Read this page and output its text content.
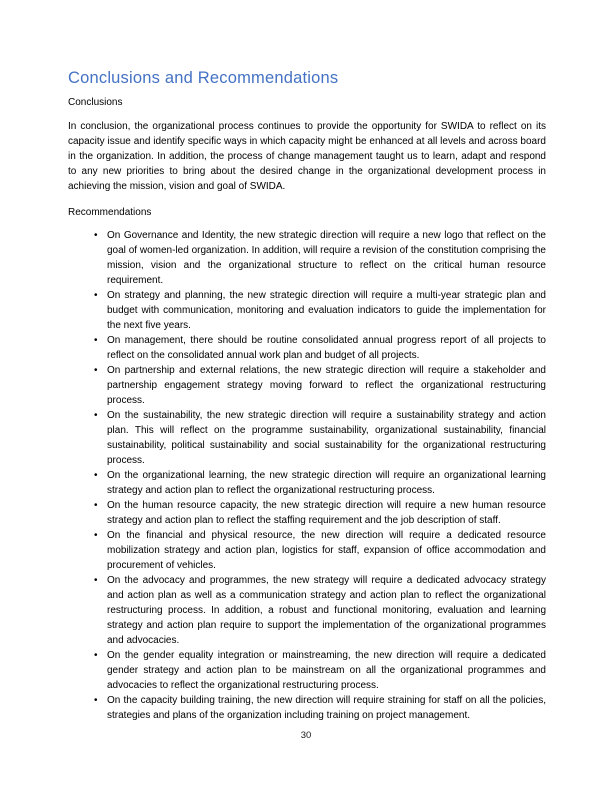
Conclusions and Recommendations

Conclusions

In conclusion, the organizational process continues to provide the opportunity for SWIDA to reflect on its capacity issue and identify specific ways in which capacity might be enhanced at all levels and across board in the organization. In addition, the process of change management taught us to learn, adapt and respond to any new priorities to bring about the desired change in the organizational development process in achieving the mission, vision and goal of SWIDA.

Recommendations

• On Governance and Identity, the new strategic direction will require a new logo that reflect on the goal of women-led organization. In addition, will require a revision of the constitution comprising the mission, vision and the organizational structure to reflect on the critical human resource requirement.
• On strategy and planning, the new strategic direction will require a multi-year strategic plan and budget with communication, monitoring and evaluation indicators to guide the implementation for the next five years.
• On management, there should be routine consolidated annual progress report of all projects to reflect on the consolidated annual work plan and budget of all projects.
• On partnership and external relations, the new strategic direction will require a stakeholder and partnership engagement strategy moving forward to reflect the organizational restructuring process.
• On the sustainability, the new strategic direction will require a sustainability strategy and action plan. This will reflect on the programme sustainability, organizational sustainability, financial sustainability, political sustainability and social sustainability for the organizational restructuring process.
• On the organizational learning, the new strategic direction will require an organizational learning strategy and action plan to reflect the organizational restructuring process.
• On the human resource capacity, the new strategic direction will require a new human resource strategy and action plan to reflect the staffing requirement and the job description of staff.
• On the financial and physical resource, the new direction will require a dedicated resource mobilization strategy and action plan, logistics for staff, expansion of office accommodation and procurement of vehicles.
• On the advocacy and programmes, the new strategy will require a dedicated advocacy strategy and action plan as well as a communication strategy and action plan to reflect the organizational restructuring process. In addition, a robust and functional monitoring, evaluation and learning strategy and action plan require to support the implementation of the organizational programmes and advocacies.
• On the gender equality integration or mainstreaming, the new direction will require a dedicated gender strategy and action plan to be mainstream on all the organizational programmes and advocacies to reflect the organizational restructuring process.
• On the capacity building training, the new direction will require straining for staff on all the policies, strategies and plans of the organization including training on project management.
30
